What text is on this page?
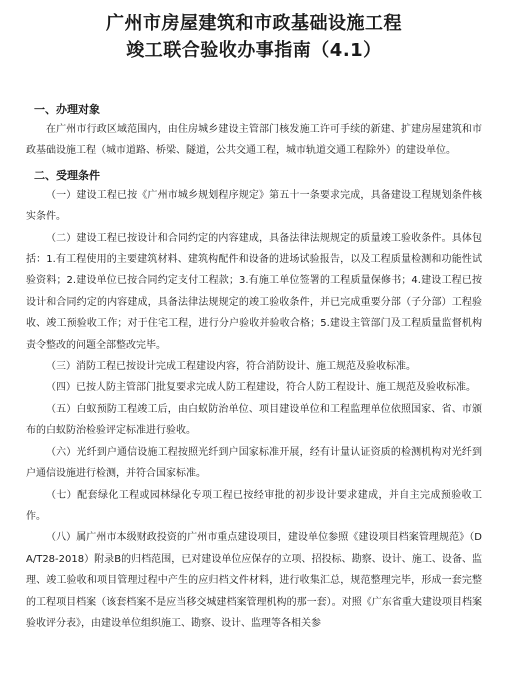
广州市房屋建筑和市政基础设施工程
竣工联合验收办事指南（4.1）
一、办理对象

在广州市行政区域范围内，由住房城乡建设主管部门核发施工许可手续的新建、扩建房屋建筑和市政基础设施工程（城市道路、桥梁、隧道，公共交通工程，城市轨道交通工程除外）的建设单位。

二、受理条件

（一）建设工程已按《广州市城乡规划程序规定》第五十一条要求完成，具备建设工程规划条件核实条件。

（二）建设工程已按设计和合同约定的内容建成，具备法律法规规定的质量竣工验收条件。具体包括：1.有工程使用的主要建筑材料、建筑构配件和设备的进场试验报告，以及工程质量检测和功能性试验资料；2.建设单位已按合同约定支付工程款；3.有施工单位签署的工程质量保修书；4.建设工程已按设计和合同约定的内容建成，具备法律法规规定的竣工验收条件，并已完成重要分部（子分部）工程验收、竣工预验收工作；对于住宅工程，进行分户验收并验收合格；5.建设主管部门及工程质量监督机构责令整改的问题全部整改完毕。

（三）消防工程已按设计完成工程建设内容，符合消防设计、施工规范及验收标准。

（四）已按人防主管部门批复要求完成人防工程建设，符合人防工程设计、施工规范及验收标准。

（五）白蚁预防工程竣工后，由白蚁防治单位、项目建设单位和工程监理单位依照国家、省、市颁布的白蚁防治检验评定标准进行验收。

（六）光纤到户通信设施工程按照光纤到户国家标准开展，经有计量认证资质的检测机构对光纤到户通信设施进行检测，并符合国家标准。

（七）配套绿化工程或园林绿化专项工程已按经审批的初步设计要求建成，并自主完成预验收工作。

（八）属广州市本级财政投资的广州市重点建设项目，建设单位参照《建设项目档案管理规范》（DA/T28-2018）附录B的归档范围，已对建设单位应保存的立项、招投标、勘察、设计、施工、设备、监理、竣工验收和项目管理过程中产生的应归档文件材料，进行收集汇总，规范整理完毕，形成一套完整的工程项目档案（该套档案不是应当移交城建档案管理机构的那一套）。对照《广东省重大建设项目档案验收评分表》，由建设单位组织施工、勘察、设计、监理等各相关参
